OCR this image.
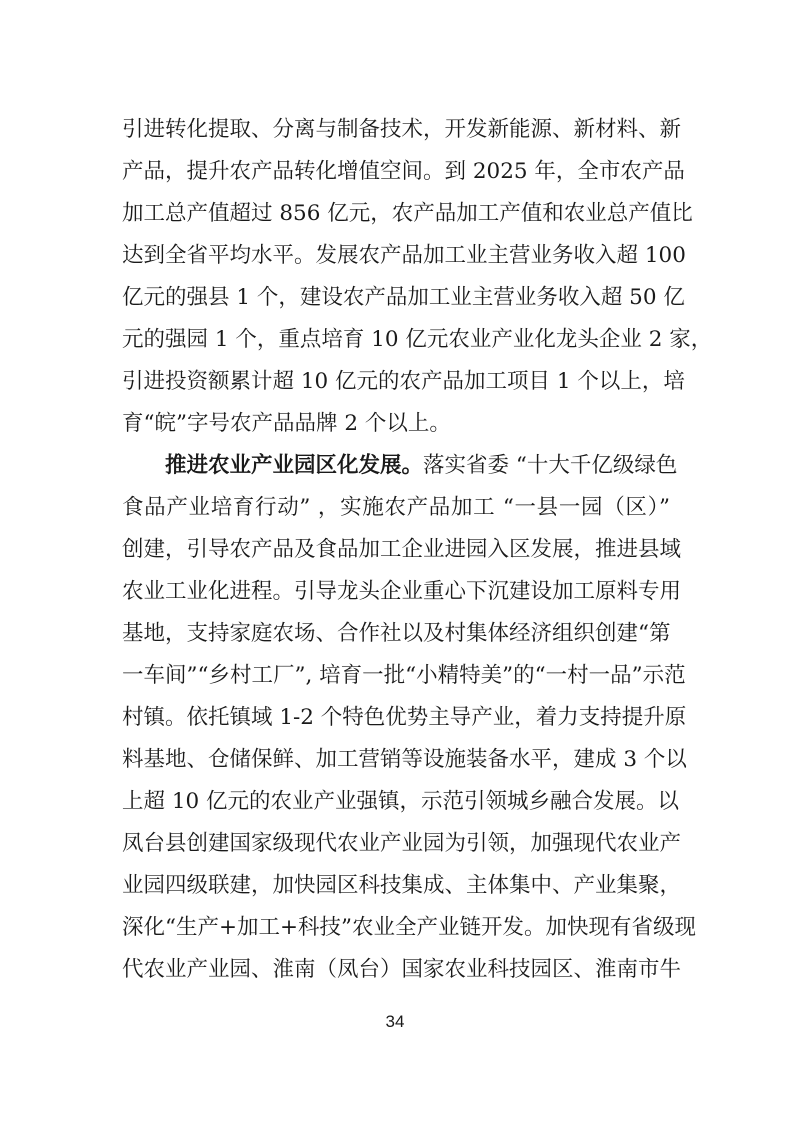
引进转化提取、分离与制备技术，开发新能源、新材料、新
产品，提升农产品转化增值空间。到 2025 年，全市农产品
加工总产值超过 856 亿元，农产品加工产值和农业总产值比
达到全省平均水平。发展农产品加工业主营业务收入超 100
亿元的强县 1 个，建设农产品加工业主营业务收入超 50 亿
元的强园 1 个，重点培育 10 亿元农业产业化龙头企业 2 家，
引进投资额累计超 10 亿元的农产品加工项目 1 个以上，培
育“皖”字号农产品品牌 2 个以上。
推进农业产业园区化发展。落实省委 “十大千亿级绿色
食品产业培育行动” ，实施农产品加工 “一县一园（区）”
创建，引导农产品及食品加工企业进园入区发展，推进县域
农业工业化进程。引导龙头企业重心下沉建设加工原料专用
基地，支持家庭农场、合作社以及村集体经济组织创建“第
一车间”“乡村工厂”, 培育一批“小精特美”的“一村一品”示范
村镇。依托镇域 1-2 个特色优势主导产业，着力支持提升原
料基地、仓储保鲜、加工营销等设施装备水平，建成 3 个以
上超 10 亿元的农业产业强镇，示范引领城乡融合发展。以
凤台县创建国家级现代农业产业园为引领，加强现代农业产
业园四级联建，加快园区科技集成、主体集中、产业集聚，
深化“生产+加工+科技”农业全产业链开发。加快现有省级现
代农业产业园、淮南（凤台）国家农业科技园区、淮南市牛
34
